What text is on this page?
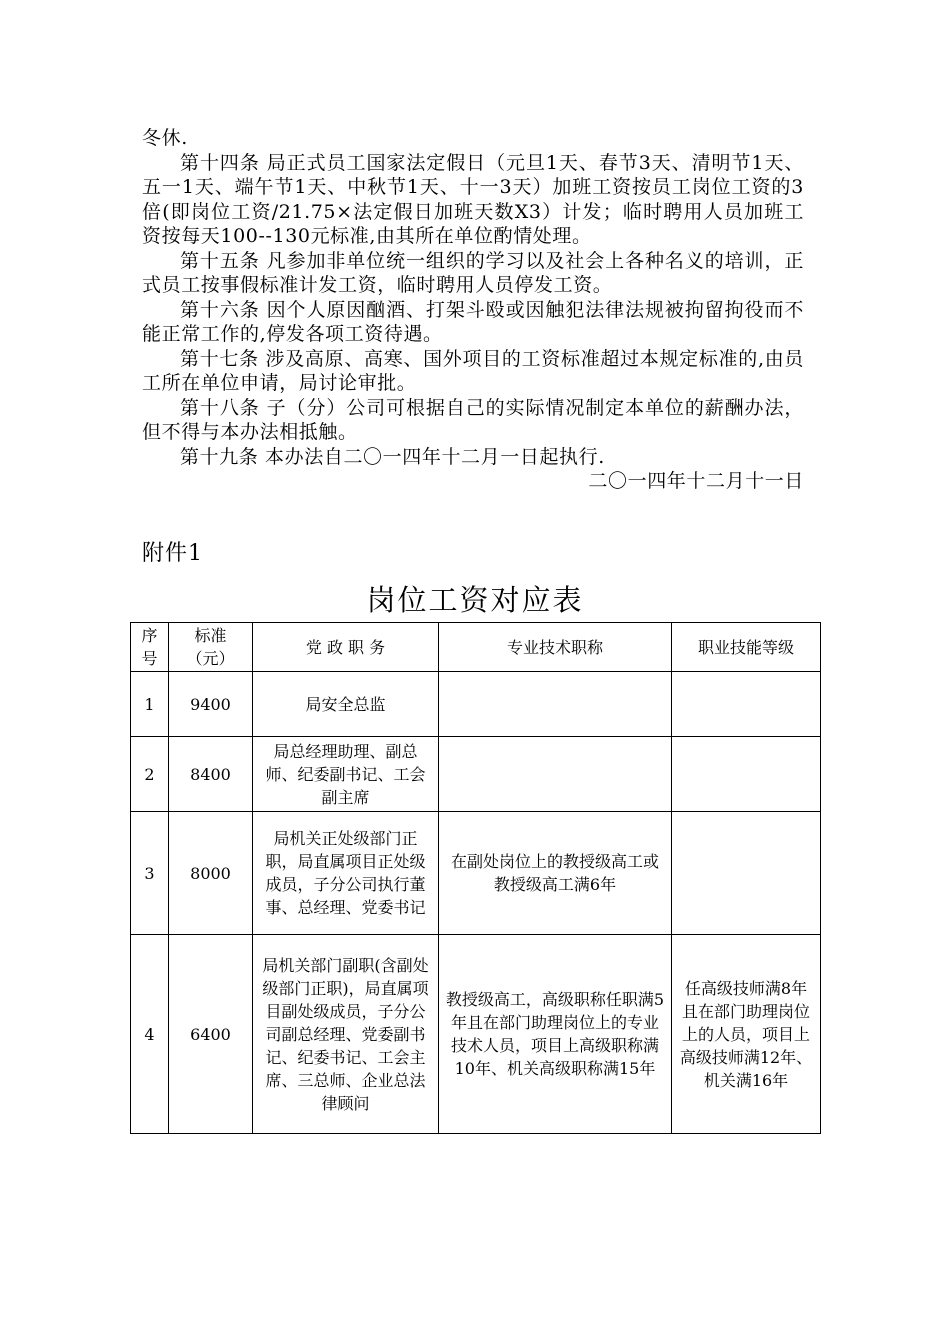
冬休.

第十四条 局正式员工国家法定假日（元旦1天、春节3天、清明节1天、五一1天、端午节1天、中秋节1天、十一3天）加班工资按员工岗位工资的3倍(即岗位工资/21.75×法定假日加班天数X3）计发；临时聘用人员加班工资按每天100--130元标准,由其所在单位酌情处理。

第十五条 凡参加非单位统一组织的学习以及社会上各种名义的培训，正式员工按事假标准计发工资，临时聘用人员停发工资。

第十六条 因个人原因酗酒、打架斗殴或因触犯法律法规被拘留拘役而不能正常工作的,停发各项工资待遇。

第十七条 涉及高原、高寒、国外项目的工资标准超过本规定标准的,由员工所在单位申请，局讨论审批。

第十八条 子（分）公司可根据自己的实际情况制定本单位的薪酬办法，但不得与本办法相抵触。

第十九条 本办法自二〇一四年十二月一日起执行.

二〇一四年十二月十一日

附件1
岗位工资对应表
序号	标准（元）	党 政 职 务	专业技术职称	职业技能等级
1	9400	局安全总监		
2	8400	局总经理助理、副总师、纪委副书记、工会副主席		
3	8000	局机关正处级部门正职，局直属项目正处级成员，子分公司执行董事、总经理、党委书记	在副处岗位上的教授级高工或教授级高工满6年	
4	6400	局机关部门副职(含副处级部门正职)，局直属项目副处级成员，子分公司副总经理、党委副书记、纪委书记、工会主席、三总师、企业总法律顾问	教授级高工，高级职称任职满5年且在部门助理岗位上的专业技术人员，项目上高级职称满10年、机关高级职称满15年	任高级技师满8年且在部门助理岗位上的人员，项目上高级技师满12年、机关满16年
